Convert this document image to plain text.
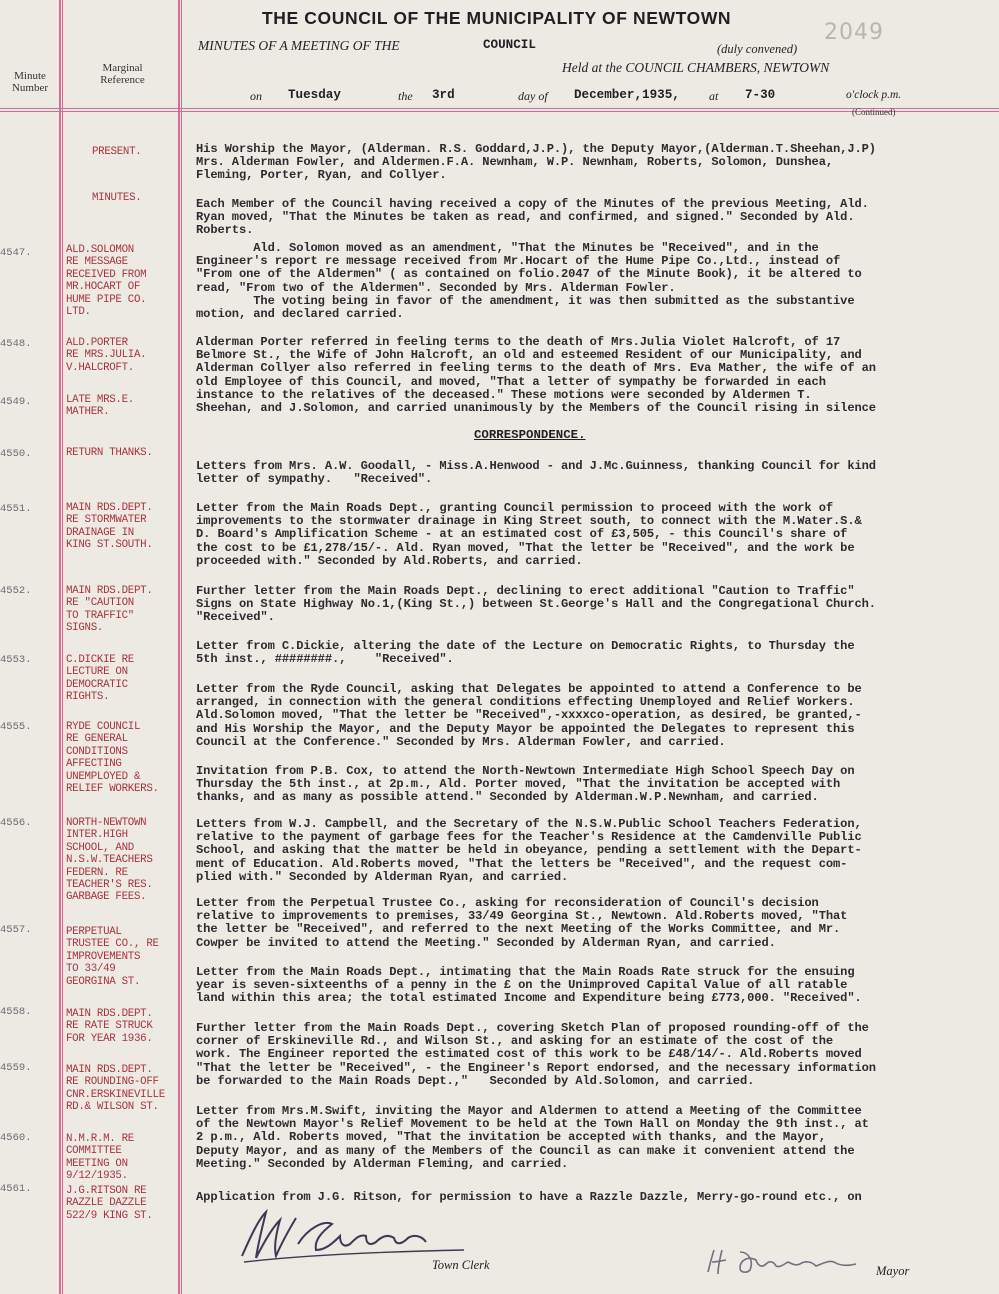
THE COUNCIL OF THE MUNICIPALITY OF NEWTOWN
2049
MINUTES OF A MEETING OF THE	COUNCIL	(duly convened)
Held at the COUNCIL CHAMBERS, NEWTOWN
on Tuesday	the 3rd	day of December,1935, at 7-30	o'clock p.m.
(Continued)
Minute
Number
Marginal
Reference
PRESENT.	His Worship the Mayor, (Alderman. R.S. Goddard,J.P.), the Deputy Mayor,(Alderman.T.Sheehan,J.P)
Mrs. Alderman Fowler, and Aldermen.F.A. Newnham, W.P. Newnham, Roberts, Solomon, Dunshea,
Fleming, Porter, Ryan, and Collyer.
MINUTES.	Each Member of the Council having received a copy of the Minutes of the previous Meeting, Ald.
Ryan moved, "That the Minutes be taken as read, and confirmed, and signed." Seconded by Ald.
Roberts.
4547.	ALD.SOLOMON
RE MESSAGE
RECEIVED FROM
MR.HOCART OF
HUME PIPE CO.
LTD.
Ald. Solomon moved as an amendment, "That the Minutes be "Received", and in the
Engineer's report re message received from Mr.Hocart of the Hume Pipe Co.,Ltd., instead of
"From one of the Aldermen" ( as contained on folio.2047 of the Minute Book), it be altered to
read, "From two of the Aldermen". Seconded by Mrs. Alderman Fowler.
The voting being in favor of the amendment, it was then submitted as the substantive
motion, and declared carried.
4548.	ALD.PORTER
RE MRS.JULIA.
V.HALCROFT.
Alderman Porter referred in feeling terms to the death of Mrs.Julia Violet Halcroft, of 17
Belmore St., the Wife of John Halcroft, an old and esteemed Resident of our Municipality, and
Alderman Collyer also referred in feeling terms to the death of Mrs. Eva Mather, the wife of an
old Employee of this Council, and moved, "That a letter of sympathy be forwarded in each
instance to the relatives of the deceased." These motions were seconded by Aldermen T.
Sheehan, and J.Solomon, and carried unanimously by the Members of the Council rising in silence
4549.	LATE MRS.E.
MATHER.
CORRESPONDENCE.
4550.	RETURN THANKS.
Letters from Mrs. A.W. Goodall, - Miss.A.Henwood - and J.Mc.Guinness, thanking Council for kind
letter of sympathy.   "Received".
4551.	MAIN RDS.DEPT.
RE STORMWATER
DRAINAGE IN
KING ST.SOUTH.
Letter from the Main Roads Dept., granting Council permission to proceed with the work of
improvements to the stormwater drainage in King Street south, to connect with the M.Water.S.&
D. Board's Amplification Scheme - at an estimated cost of £3,505, - this Council's share of
the cost to be £1,278/15/-. Ald. Ryan moved, "That the letter be "Received", and the work be
proceeded with." Seconded by Ald.Roberts, and carried.
4552.	MAIN RDS.DEPT.
RE "CAUTION
TO TRAFFIC"
SIGNS.
Further letter from the Main Roads Dept., declining to erect additional "Caution to Traffic"
Signs on State Highway No.1,(King St.,) between St.George's Hall and the Congregational Church.
"Received".
4553.	C.DICKIE RE
LECTURE ON
DEMOCRATIC
RIGHTS.
Letter from C.Dickie, altering the date of the Lecture on Democratic Rights, to Thursday the
5th inst., ########.,    "Received".
4555.	RYDE COUNCIL
RE GENERAL
CONDITIONS
AFFECTING
UNEMPLOYED &
RELIEF WORKERS.
Letter from the Ryde Council, asking that Delegates be appointed to attend a Conference to be
arranged, in connection with the general conditions effecting Unemployed and Relief Workers.
Ald.Solomon moved, "That the letter be "Received",-xxxxco-operation, as desired, be granted,-
and His Worship the Mayor, and the Deputy Mayor be appointed the Delegates to represent this
Council at the Conference." Seconded by Mrs. Alderman Fowler, and carried.
Invitation from P.B. Cox, to attend the North-Newtown Intermediate High School Speech Day on
Thursday the 5th inst., at 2p.m., Ald. Porter moved, "That the invitation be accepted with
thanks, and as many as possible attend." Seconded by Alderman.W.P.Newnham, and carried.
4556.	NORTH-NEWTOWN
INTER.HIGH
SCHOOL, AND
N.S.W.TEACHERS
FEDERN. RE
TEACHER'S RES.
GARBAGE FEES.
Letters from W.J. Campbell, and the Secretary of the N.S.W.Public School Teachers Federation,
relative to the payment of garbage fees for the Teacher's Residence at the Camdenville Public
School, and asking that the matter be held in obeyance, pending a settlement with the Depart-
ment of Education. Ald.Roberts moved, "That the letters be "Received", and the request com-
plied with." Seconded by Alderman Ryan, and carried.
4557.	PERPETUAL
TRUSTEE CO., RE
IMPROVEMENTS
TO 33/49
GEORGINA ST.
Letter from the Perpetual Trustee Co., asking for reconsideration of Council's decision
relative to improvements to premises, 33/49 Georgina St., Newtown. Ald.Roberts moved, "That
the letter be "Received", and referred to the next Meeting of the Works Committee, and Mr.
Cowper be invited to attend the Meeting." Seconded by Alderman Ryan, and carried.
4558.	MAIN RDS.DEPT.
RE RATE STRUCK
FOR YEAR 1936.
Letter from the Main Roads Dept., intimating that the Main Roads Rate struck for the ensuing
year is seven-sixteenths of a penny in the £ on the Unimproved Capital Value of all ratable
land within this area; the total estimated Income and Expenditure being £773,000. "Received".
4559.	MAIN RDS.DEPT.
RE ROUNDING-OFF
CNR.ERSKINEVILLE
RD.& WILSON ST.
Further letter from the Main Roads Dept., covering Sketch Plan of proposed rounding-off of the
corner of Erskineville Rd., and Wilson St., and asking for an estimate of the cost of the
work. The Engineer reported the estimated cost of this work to be £48/14/-. Ald.Roberts moved
"That the letter be "Received", - the Engineer's Report endorsed, and the necessary information
be forwarded to the Main Roads Dept.,"   Seconded by Ald.Solomon, and carried.
4560.	N.M.R.M. RE
COMMITTEE
MEETING ON
9/12/1935.
Letter from Mrs.M.Swift, inviting the Mayor and Aldermen to attend a Meeting of the Committee
of the Newtown Mayor's Relief Movement to be held at the Town Hall on Monday the 9th inst., at
2 p.m., Ald. Roberts moved, "That the invitation be accepted with thanks, and the Mayor,
Deputy Mayor, and as many of the Members of the Council as can make it convenient attend the
Meeting." Seconded by Alderman Fleming, and carried.
4561.	J.G.RITSON RE
RAZZLE DAZZLE
522/9 KING ST.
Application from J.G. Ritson, for permission to have a Razzle Dazzle, Merry-go-round etc., on
Town Clerk	Mayor
